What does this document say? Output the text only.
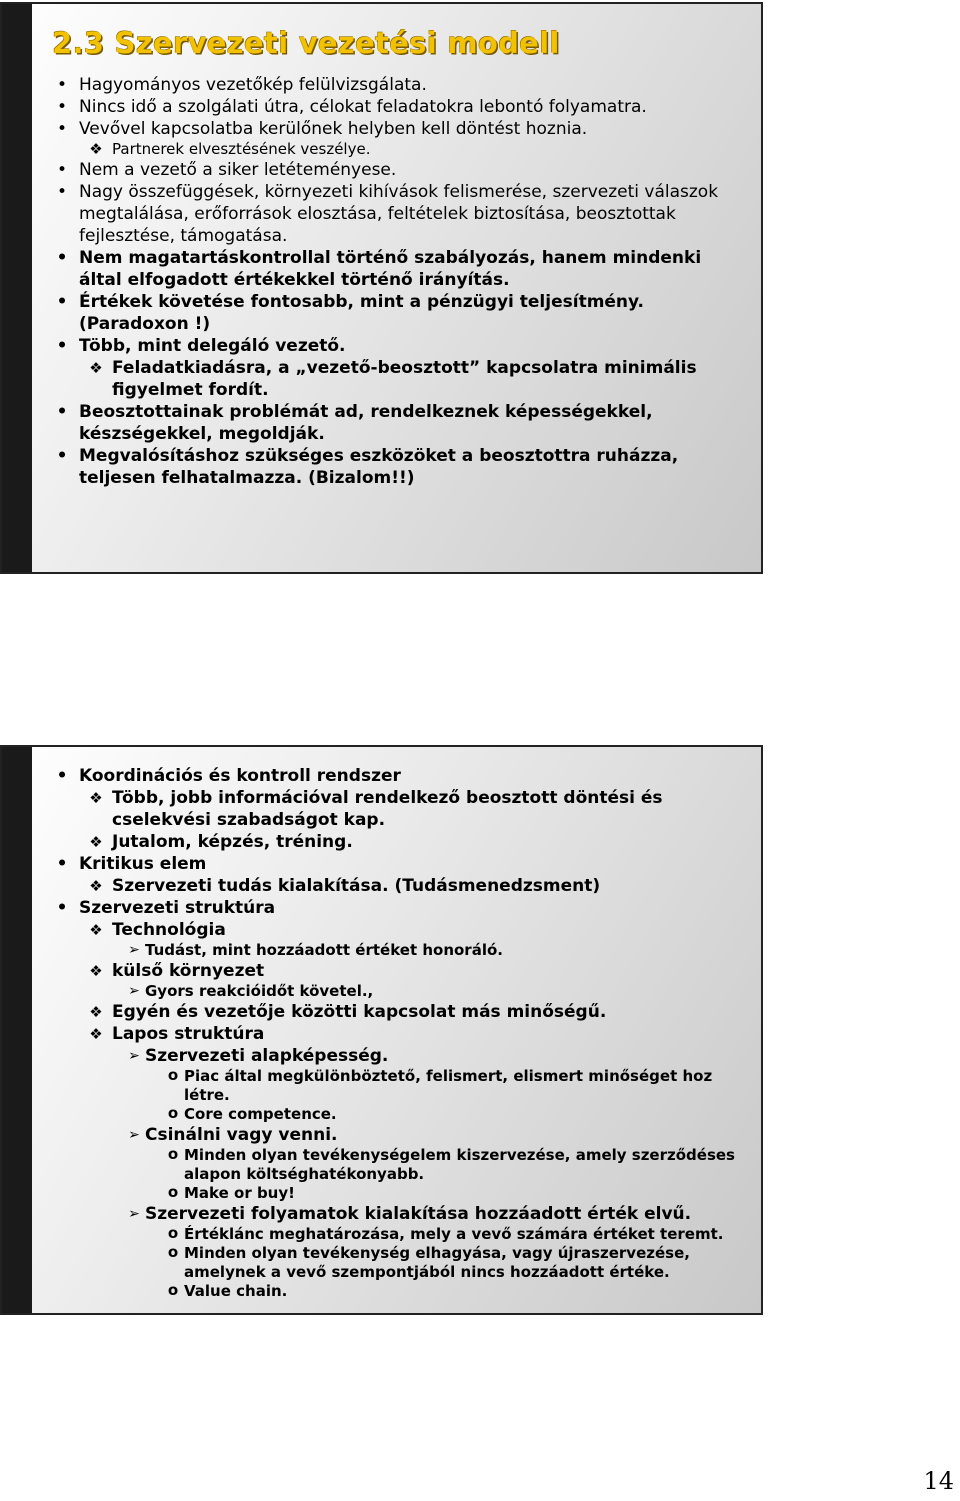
2.3 Szervezeti vezetési modell
• Hagyományos vezetőkép felülvizsgálata.
• Nincs idő a szolgálati útra, célokat feladatokra lebontó folyamatra.
• Vevővel kapcsolatba kerülőnek helyben kell döntést hoznia.
❖ Partnerek elvesztésének veszélye.
• Nem a vezető a siker letéteményese.
• Nagy összefüggések, környezeti kihívások felismerése, szervezeti válaszok megtalálása, erőforrások elosztása, feltételek biztosítása, beosztottak fejlesztése, támogatása.
• Nem magatartáskontrollal történő szabályozás, hanem mindenki által elfogadott értékekkel történő irányítás.
• Értékek követése fontosabb, mint a pénzügyi teljesítmény. (Paradoxon !)
• Több, mint delegáló vezető.
❖ Feladatkiadásra, a „vezető-beosztott” kapcsolatra minimális figyelmet fordít.
• Beosztottainak problémát ad, rendelkeznek képességekkel, készségekkel, megoldják.
• Megvalósításhoz szükséges eszközöket a beosztottra ruházza, teljesen felhatalmazza. (Bizalom!!)
• Koordinációs és kontroll rendszer
❖ Több, jobb információval rendelkező beosztott döntési és cselekvési szabadságot kap.
❖ Jutalom, képzés, tréning.
• Kritikus elem
❖ Szervezeti tudás kialakítása. (Tudásmenedzsment)
• Szervezeti struktúra
❖ Technológia
➢ Tudást, mint hozzáadott értéket honoráló.
❖ külső környezet
➢ Gyors reakcióidőt követel.,
❖ Egyén és vezetője közötti kapcsolat más minőségű.
❖ Lapos struktúra
➢ Szervezeti alapképesség.
o Piac által megkülönböztető, felismert, elismert minőséget hoz létre.
o Core competence.
➢ Csinálni vagy venni.
o Minden olyan tevékenységelem kiszervezése, amely szerződéses alapon költséghatékonyabb.
o Make or buy!
➢ Szervezeti folyamatok kialakítása hozzáadott érték elvű.
o Értéklánc meghatározása, mely a vevő számára értéket teremt.
o Minden olyan tevékenység elhagyása, vagy újraszervezése, amelynek a vevő szempontjából nincs hozzáadott értéke.
o Value chain.
14
